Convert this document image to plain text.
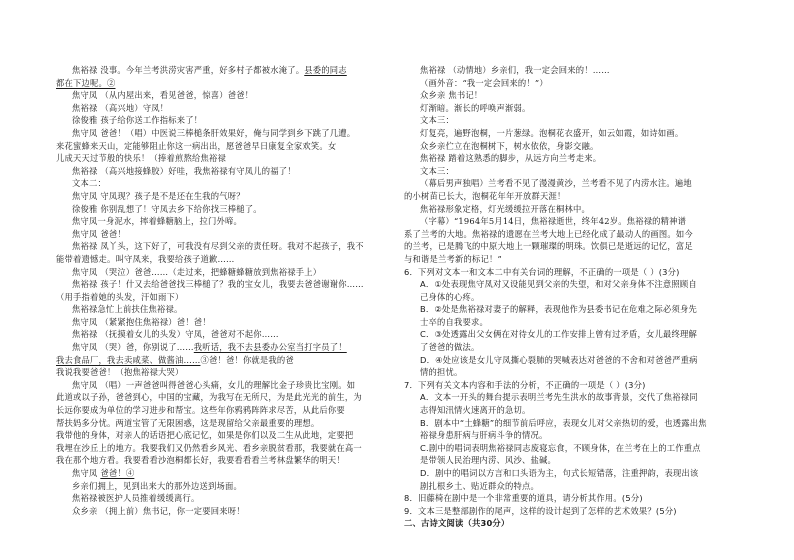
焦裕禄 没事。今年兰考洪涝灾害严重，好多村子都被水淹了。县委的同志
都在下边呢。②
焦守凤 （从内屋出来，看见爸爸，惊喜）爸爸！
焦裕禄 （高兴地）守凤！
徐俊雅 孩子给你送工作指标来了！
焦守凤 爸爸！（唱）中医说三棒槌条肝效果好，俺与同学到乡下跳了几遭。
来花蜜蜂来天山，定能够阻止你这一病出出，愿爸爸早日康复全家欢笑。女
儿成天天过节般的快乐！（捧着煎熬给焦裕禄
焦裕禄 （高兴地接蜂胶）好哇，我焦裕禄有守凤儿的福了！
文本二：
焦守凤 守凤现？孩子是不是还在生我的气呀？
徐俊雅 你别乱想了！守凤去乡下给你找三棒槌了。
焦守凤一身泥水，摔着蜂糖脑上，拉门外啼。
焦守凤 爸爸！
焦裕禄 凤丫头，这下好了，可我没有尽到父亲的责任呀。我对不起孩子，我不
能带着遗憾走。叫守凤来，我要给孩子道歉……
焦守凤 （哭泣）爸爸……（走过来，把蜂糖蜂糖放到焦裕禄手上）
焦裕禄 孩子！什又去给爸爸找三棒槌了？我的宝女儿，我要去爸爸谢谢你……
（用手指着她的头发，汗如雨下）
焦裕禄急忙上前扶住焦裕禄。
焦守凤 （紧紧抱住焦裕禄）爸！爸！
焦裕禄 （抚摸着女儿的头发）守凤，爸爸对不起你……
焦守凤 （哭）爸，你别说了……我听话，我不去县委办公室当打字员了！
我去食品厂，我去卖咸菜、做酱油……③爸！爸！你就是我的爸
我说我要爸爸！（抱焦裕禄大哭）
焦守凤 （唱）一声爸爸叫得爸爸心头痛，女儿的理解比金子珍贵比宝刚。如
此道或以子孙，爸爸到心，中国的宝藏，为我写在无所尺，为是此光光的前生，为
长远你要成为单位的学习进步和帮宝。这些年你鸦鸦阵阵求尽苦，从此后你要
帮扶妈多分忧。两道宝管了无限困惑，这是现留给父亲最重要的理想。
我带他的身体，对亲人的话语把心底记忆，如果是你们以及二生从此地，定要把
我埋在沙丘上的地方。我要我们又仍然看乡风光、看乡亲脱贫看那，我要就在高一
我在那个地方看。我要看看沙泡桐都长好，我要看看看兰考林盘繁华的明天！
焦守凤 爸爸！④
乡亲们拥上，见到出来大的那外边送到场面。
焦裕禄被医护人员推着缓缓离行。
众乡亲 （拥上前）焦书记，你一定要回来呀！
焦裕禄 （动情地）乡亲们，我一定会回来的！……
（画外音：“我一定会回来的！”）
众乡亲 焦书记！
灯渐暗。渐长的呼唤声渐弱。
文本三：
灯复亮，遍野泡桐，一片葱绿。泡桐花衣盛开，如云如霞，如诗如画。
众乡亲伫立在泡桐树下，树水依依，身影交融。
焦裕禄 踏着这熟悉的脚步，从远方向兰考走来。
文本三：
（幕后男声独唱）兰考看不见了漫漫黄沙，兰考看不见了内涝水注。遍地
的小树苗已长大，泡桐花年年开放群天涯！
焦裕禄形象定格，灯光缓缓拉开落在桐林中。
（字幕）“1964年5月14日，焦裕禄逝世，终年42岁。焦裕禄的精神谱
系了兰考的大地。焦裕禄的遗愿在兰考大地上已经化成了最动人的画图。如今
的兰考，已是腾飞的中原大地上一颗璀璨的明珠。饮俱已是逝远的记忆，富足
与和谐是兰考新的标记！”
6．下列对文本一和文本二中有关台词的理解，不正确的一项是（ ）(3分)
A．①处表现焦守凤对又设能见到父亲的失望，和对父亲身体不注意照顾自
己身体的心疼。
B．②处是焦裕禄对妻子的解释，表现他作为县委书记在危难之际必须身先
士卒的自我要求。
C．③处透露出父女俩在对待女儿的工作安排上曾有过矛盾，女儿最终理解
了爸爸的做法。
D．④处应该是女儿守凤撕心裂肺的哭喊表达对爸爸的不舍和对爸爸严重病
情的担忧。
7．下列有关文本内容和手法的分析，不正确的一项是（ ）(3分)
A．文本一开头的舞台提示表明兰考先生洪水的故事背景，交代了焦裕禄同
志得知汛情火速离开的急切。
B．剧本中“土蜂糖”的细节前后呼应，表现女儿对父亲热切的爱，也透露出焦
裕禄身患肝病与肝病斗争的情况。
C.剧中的唱词表明焦裕禄同志废寝忘食，不顾身体，在兰考在上的工作重点
是带领人民治理内涝、风沙、盐碱。
D．剧中的唱词以方言和口头语为主，句式长短错落，注重押韵，表现出该
剧扎根乡土、贴近群众的特点。
8．旧藤椅在剧中是一个非常重要的道具，请分析其作用。(5分)
9．文本三是整部剧作的尾声，这样的设计起到了怎样的艺术效果？(5分)
二、古诗文阅读（共30分）
